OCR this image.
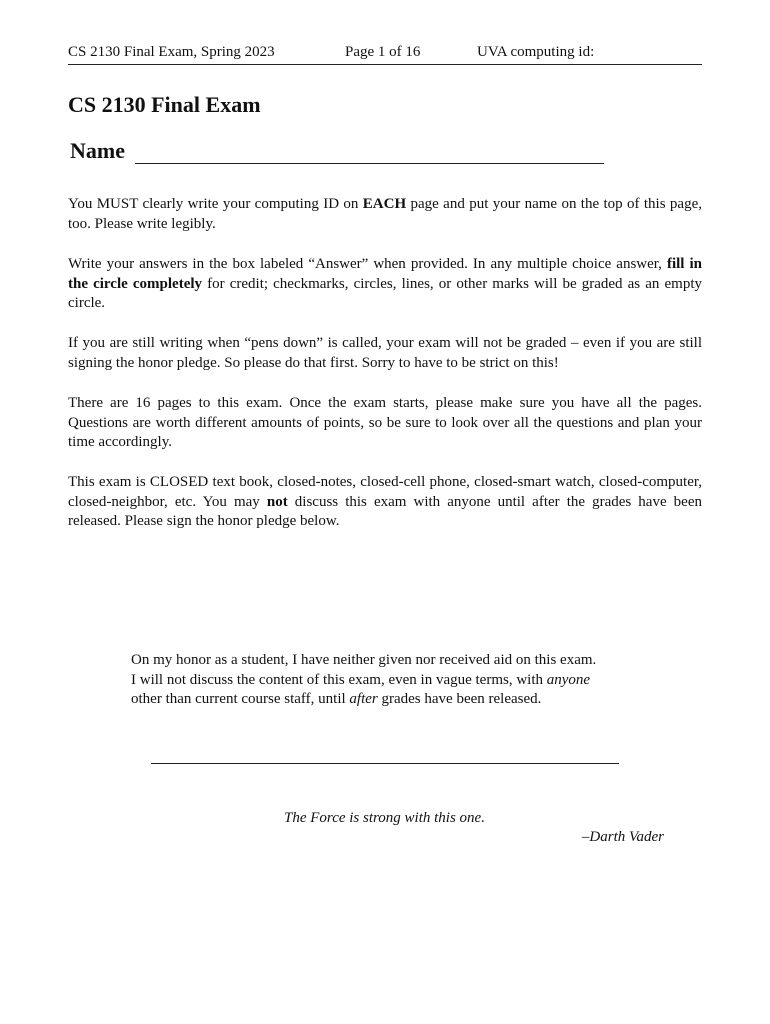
CS 2130 Final Exam, Spring 2023	Page 1 of 16	UVA computing id:
CS 2130 Final Exam
Name

You MUST clearly write your computing ID on EACH page and put your name on the top of this page, too. Please write legibly.

Write your answers in the box labeled “Answer” when provided. In any multiple choice answer, fill in the circle completely for credit; checkmarks, circles, lines, or other marks will be graded as an empty circle.

If you are still writing when “pens down” is called, your exam will not be graded – even if you are still signing the honor pledge. So please do that first. Sorry to have to be strict on this!

There are 16 pages to this exam. Once the exam starts, please make sure you have all the pages. Questions are worth different amounts of points, so be sure to look over all the questions and plan your time accordingly.

This exam is CLOSED text book, closed-notes, closed-cell phone, closed-smart watch, closed-computer, closed-neighbor, etc. You may not discuss this exam with anyone until after the grades have been released. Please sign the honor pledge below.

On my honor as a student, I have neither given nor received aid on this exam.
I will not discuss the content of this exam, even in vague terms, with anyone
other than current course staff, until after grades have been released.
The Force is strong with this one.
–Darth Vader
